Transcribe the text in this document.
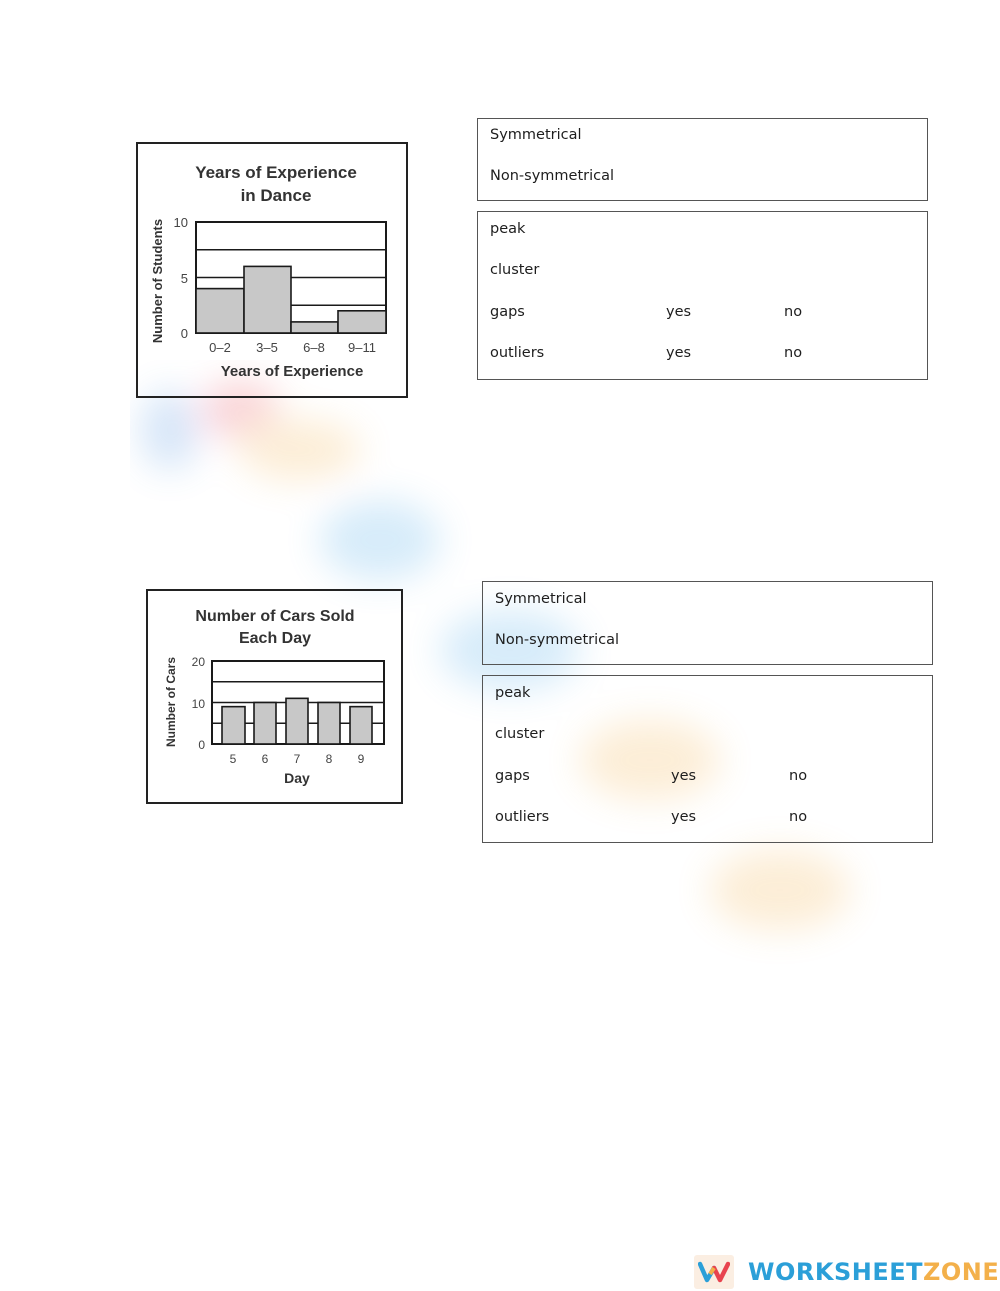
Years of Experience
in Dance
Number of Students 10
5
0
0–2 3–5 6–8 9–11
Years of Experience
Symmetrical
Non-symmetrical
peak
cluster
gaps	yes	no
outliers	yes	no
Number of Cars Sold
Each Day
Number of Cars 20
10
0
5 6 7 8 9
Day
Symmetrical
Non-symmetrical
peak
cluster
gaps	yes	no
outliers	yes	no
WORKSHEETZONE
